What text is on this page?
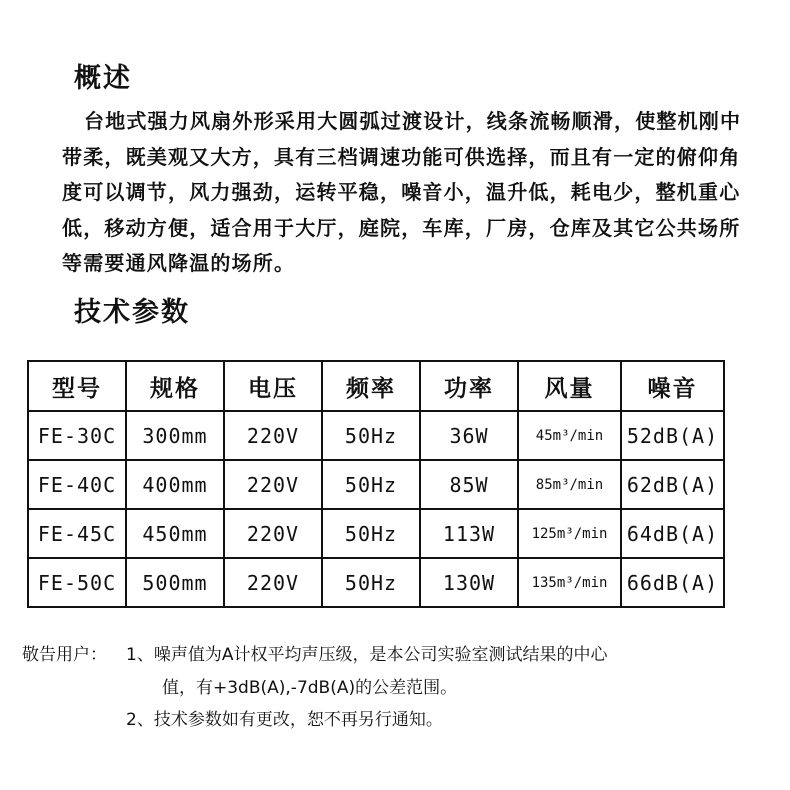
概述

台地式强力风扇外形采用大圆弧过渡设计，线条流畅顺滑，使整机刚中带柔，既美观又大方，具有三档调速功能可供选择，而且有一定的俯仰角度可以调节，风力强劲，运转平稳，噪音小，温升低，耗电少，整机重心低，移动方便，适合用于大厅，庭院，车库，厂房，仓库及其它公共场所等需要通风降温的场所。

技术参数
型号	规格	电压	频率	功率	风量	噪音
FE-30C	300mm	220V	50Hz	36W	45m³/min	52dB(A)
FE-40C	400mm	220V	50Hz	85W	85m³/min	62dB(A)
FE-45C	450mm	220V	50Hz	113W	125m³/min	64dB(A)
FE-50C	500mm	220V	50Hz	130W	135m³/min	66dB(A)
敬告用户： 1、噪声值为A计权平均声压级，是本公司实验室测试结果的中心
值，有+3dB(A),-7dB(A)的公差范围。
2、技术参数如有更改，恕不再另行通知。
